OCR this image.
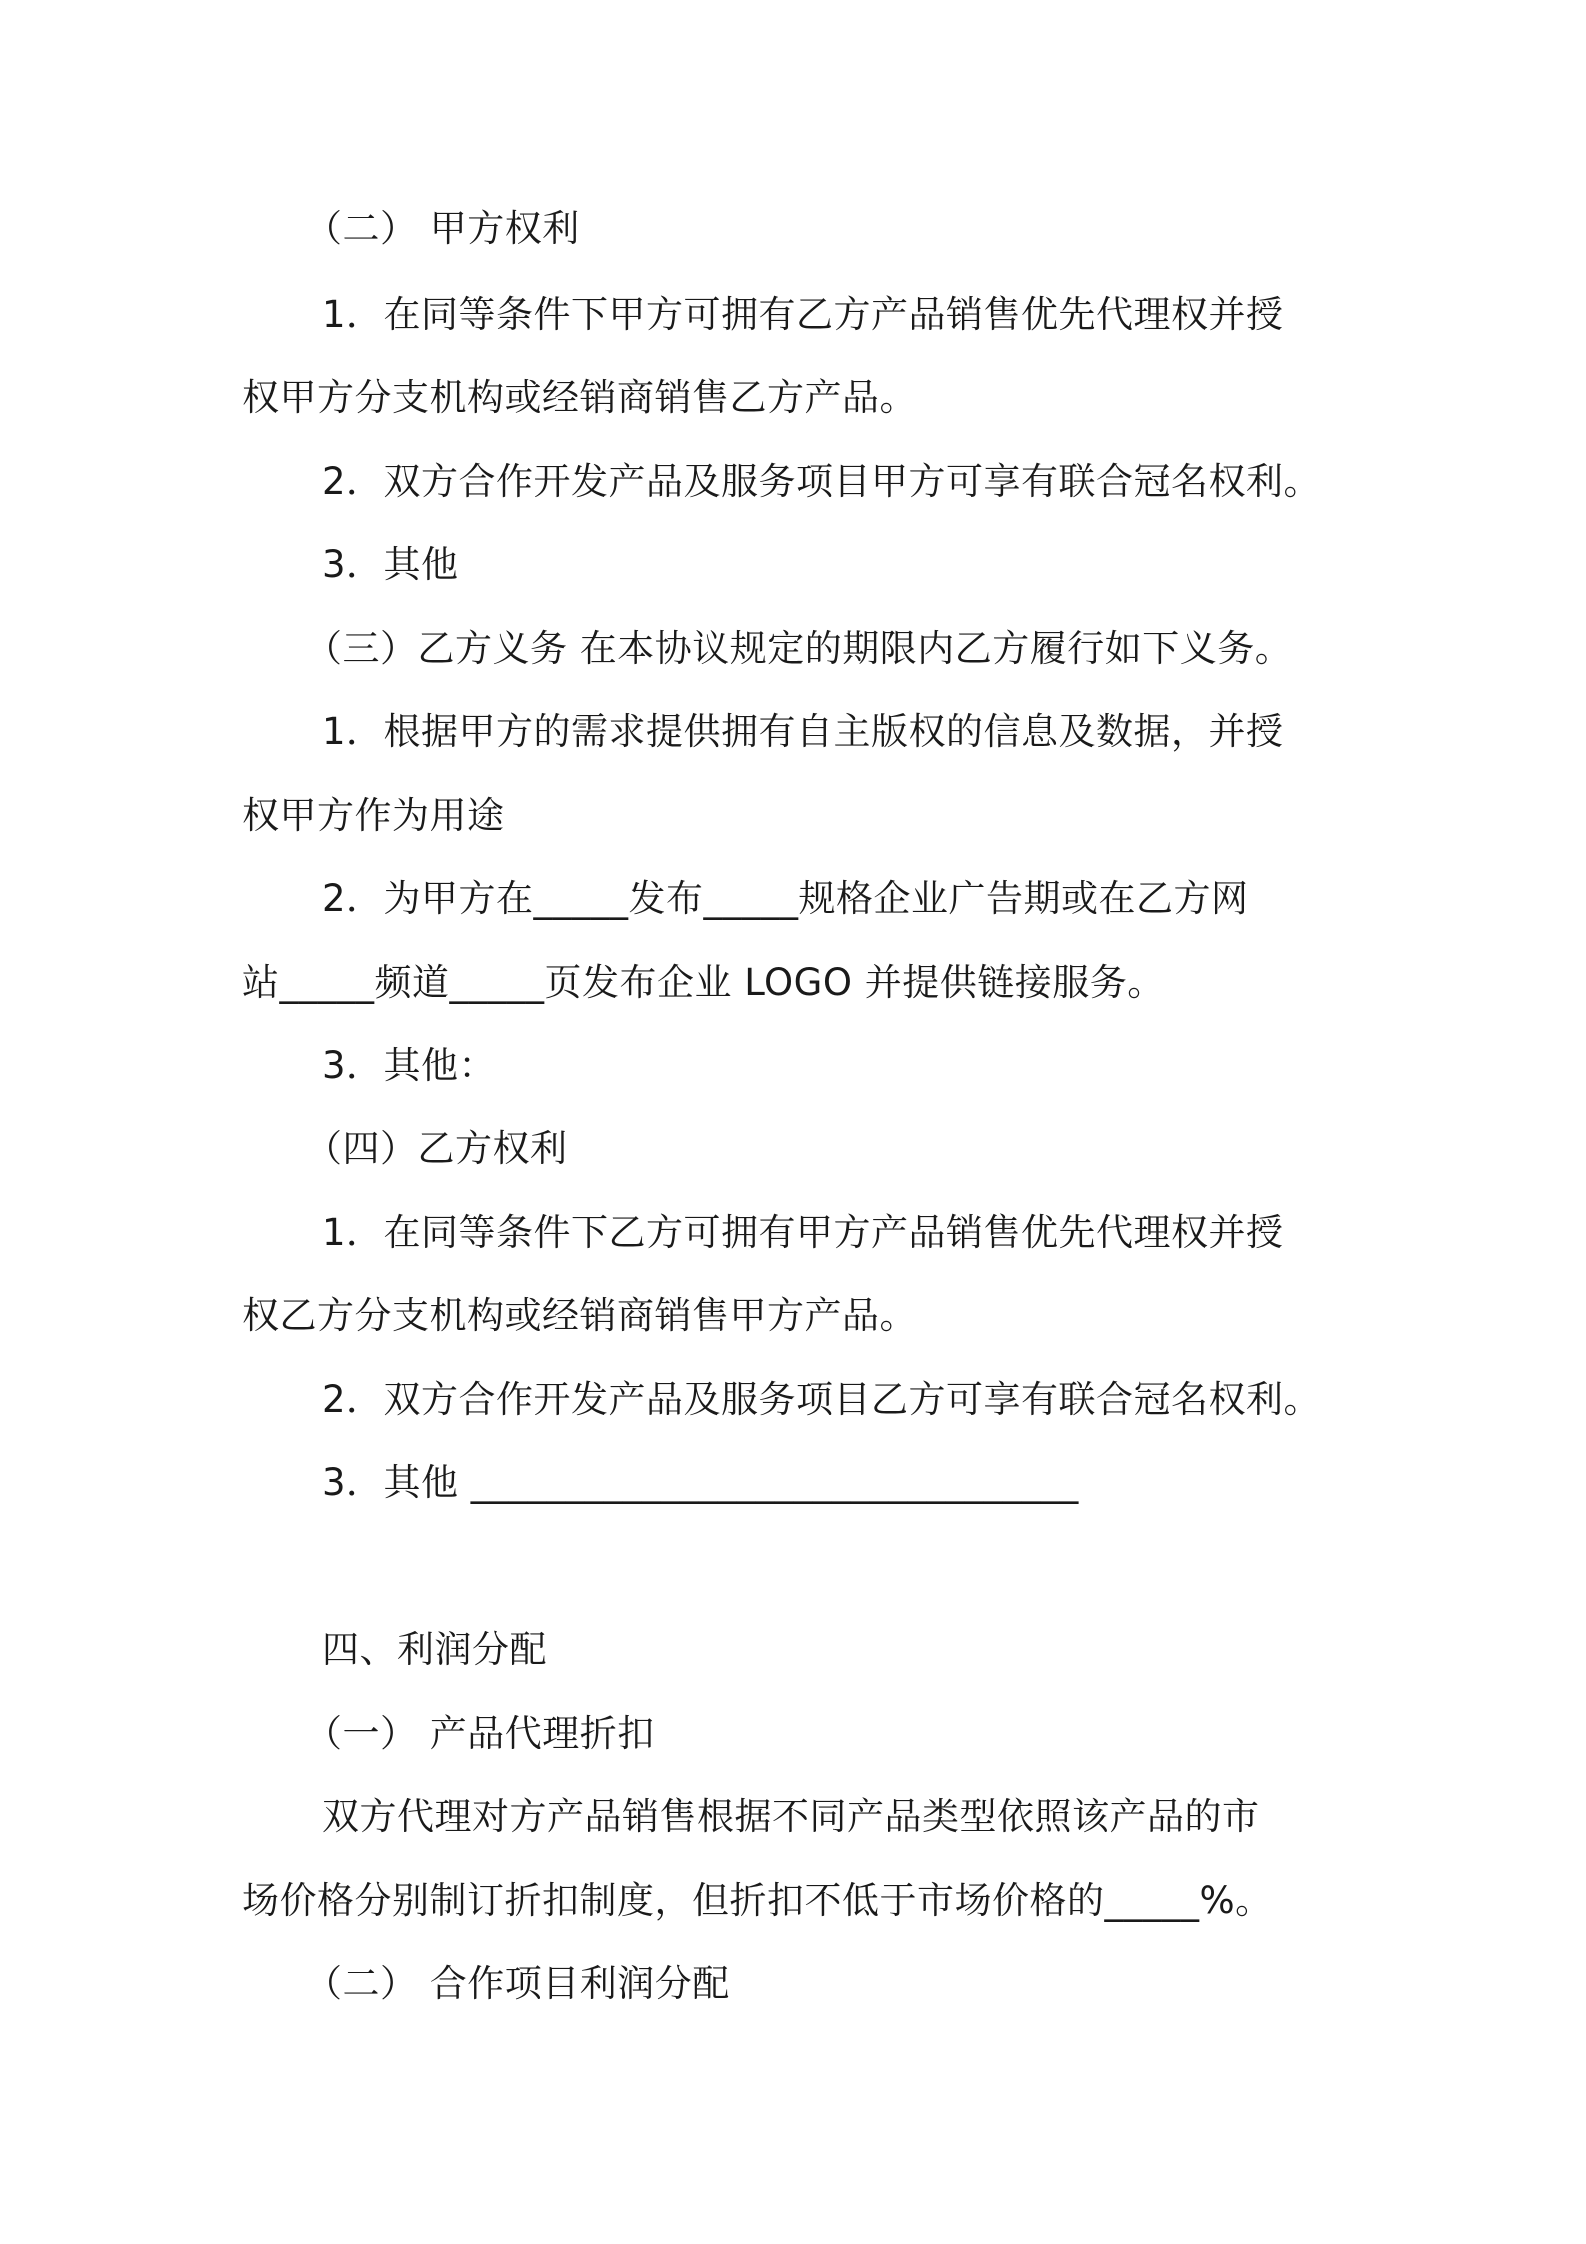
（二） 甲方权利
1．在同等条件下甲方可拥有乙方产品销售优先代理权并授
权甲方分支机构或经销商销售乙方产品。
2．双方合作开发产品及服务项目甲方可享有联合冠名权利。
3．其他
（三）乙方义务 在本协议规定的期限内乙方履行如下义务。
1．根据甲方的需求提供拥有自主版权的信息及数据，并授
权甲方作为用途
2．为甲方在_____发布_____规格企业广告期或在乙方网
站_____频道_____页发布企业 LOGO 并提供链接服务。
3．其他：
（四）乙方权利
1．在同等条件下乙方可拥有甲方产品销售优先代理权并授
权乙方分支机构或经销商销售甲方产品。
2．双方合作开发产品及服务项目乙方可享有联合冠名权利。
3．其他 ________________________________
四、利润分配
（一） 产品代理折扣
双方代理对方产品销售根据不同产品类型依照该产品的市
场价格分别制订折扣制度，但折扣不低于市场价格的_____%。
（二） 合作项目利润分配
